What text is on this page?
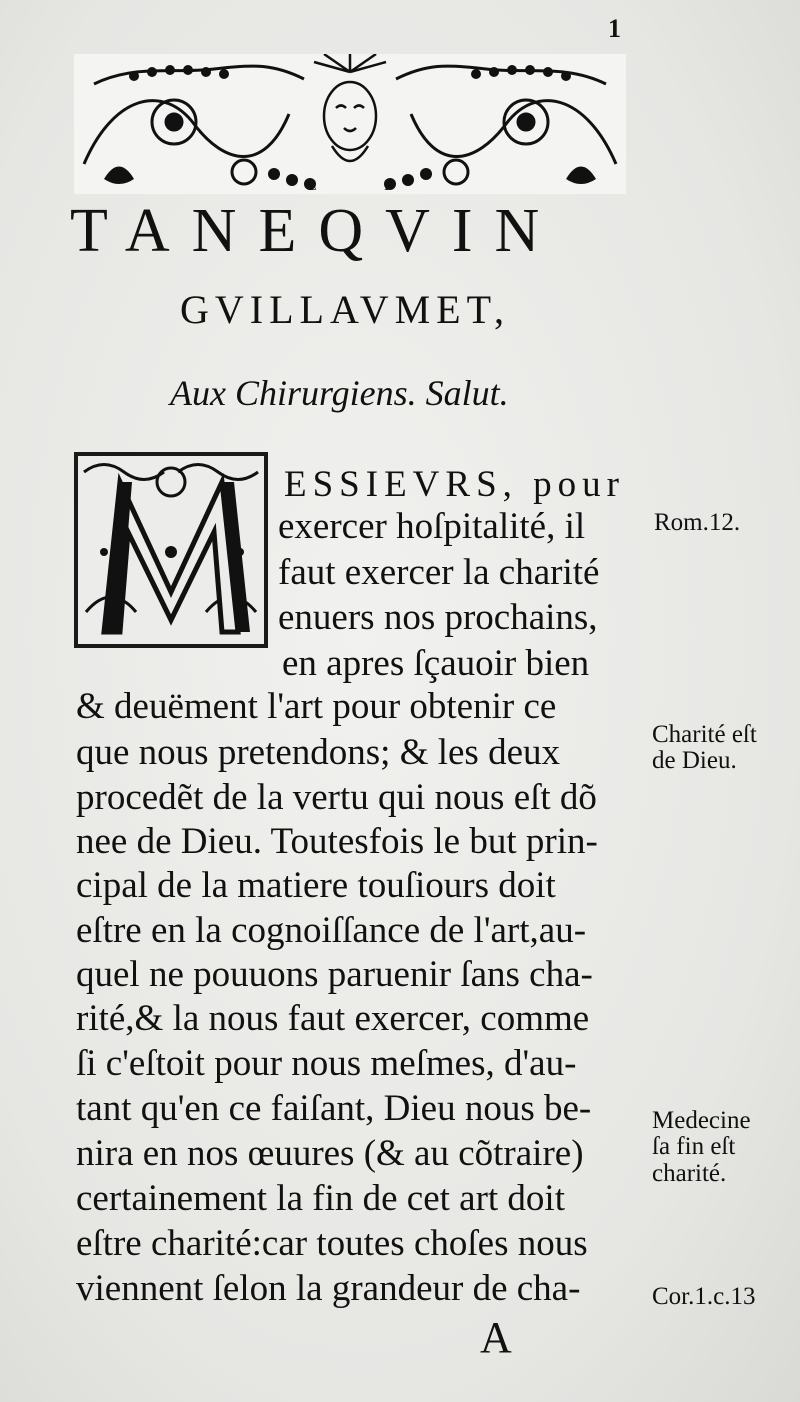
1
E	P
TANEQVIN
GVILLAVMET,
Aux Chirurgiens. Salut.
ESSIEVRS, pour
exercer hoſpitalité, il
faut exercer la charité
enuers nos prochains,
en apres ſçauoir bien
& deuëment l'art pour obtenir ce
que nous pretendons; & les deux
procedẽt de la vertu qui nous eſt dõ
nee de Dieu. Toutesfois le but prin-
cipal de la matiere touſiours doit
eſtre en la cognoiſſance de l'art,au-
quel ne pouuons paruenir ſans cha-
rité,& la nous faut exercer, comme
ſi c'eſtoit pour nous meſmes, d'au-
tant qu'en ce faiſant, Dieu nous be-
nira en nos œuures (& au cõtraire)
certainement la fin de cet art doit
eſtre charité:car toutes choſes nous
viennent ſelon la grandeur de cha-
Rom.12.
Charité eſt de Dieu.
Medecine ſa fin eſt charité.
Cor.1.c.13
A
